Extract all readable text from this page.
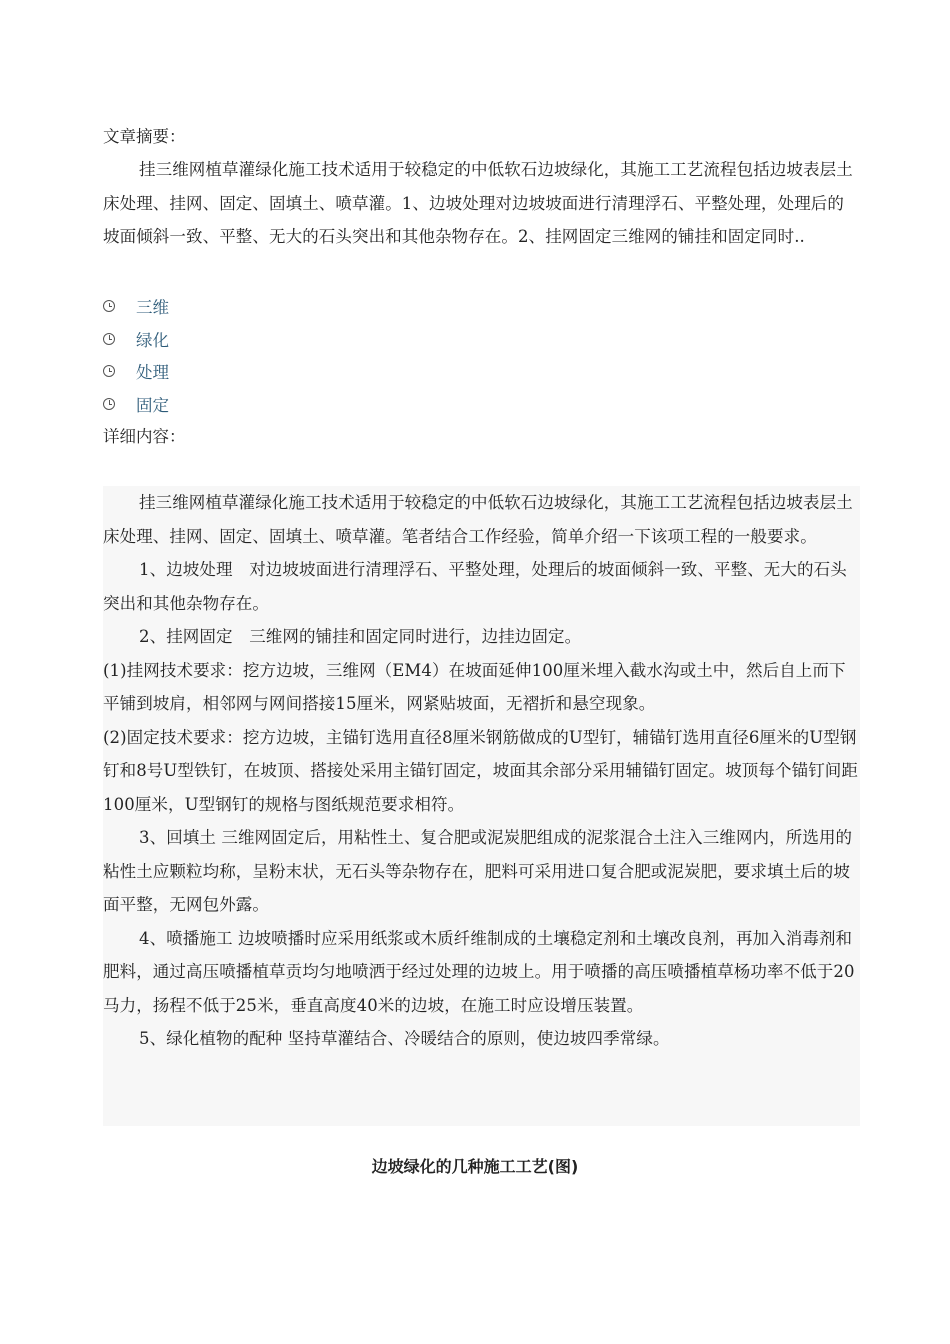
文章摘要：

挂三维网植草灌绿化施工技术适用于较稳定的中低软石边坡绿化，其施工工艺流程包括边坡表层土床处理、挂网、固定、固填土、喷草灌。1、边坡处理对边坡坡面进行清理浮石、平整处理，处理后的坡面倾斜一致、平整、无大的石头突出和其他杂物存在。2、挂网固定三维网的铺挂和固定同时..

三维
绿化
处理
固定
详细内容：

挂三维网植草灌绿化施工技术适用于较稳定的中低软石边坡绿化，其施工工艺流程包括边坡表层土床处理、挂网、固定、固填土、喷草灌。笔者结合工作经验，简单介绍一下该项工程的一般要求。

1、边坡处理　对边坡坡面进行清理浮石、平整处理，处理后的坡面倾斜一致、平整、无大的石头突出和其他杂物存在。

2、挂网固定　三维网的铺挂和固定同时进行，边挂边固定。

(1)挂网技术要求：挖方边坡，三维网（EM4）在坡面延伸100厘米埋入截水沟或土中，然后自上而下平铺到坡肩，相邻网与网间搭接15厘米，网紧贴坡面，无褶折和悬空现象。

(2)固定技术要求：挖方边坡，主锚钉选用直径8厘米钢筋做成的U型钉，辅锚钉选用直径6厘米的U型钢钉和8号U型铁钉，在坡顶、搭接处采用主锚钉固定，坡面其余部分采用辅锚钉固定。坡顶每个锚钉间距100厘米，U型钢钉的规格与图纸规范要求相符。

3、回填土 三维网固定后，用粘性土、复合肥或泥炭肥组成的泥浆混合土注入三维网内，所选用的粘性土应颗粒均称，呈粉末状，无石头等杂物存在，肥料可采用进口复合肥或泥炭肥，要求填土后的坡面平整，无网包外露。

4、喷播施工 边坡喷播时应采用纸浆或木质纤维制成的土壤稳定剂和土壤改良剂，再加入消毒剂和肥料，通过高压喷播植草贡均匀地喷洒于经过处理的边坡上。用于喷播的高压喷播植草杨功率不低于20马力，扬程不低于25米，垂直高度40米的边坡，在施工时应设增压装置。

5、绿化植物的配种 坚持草灌结合、冷暖结合的原则，使边坡四季常绿。

边坡绿化的几种施工工艺(图)
